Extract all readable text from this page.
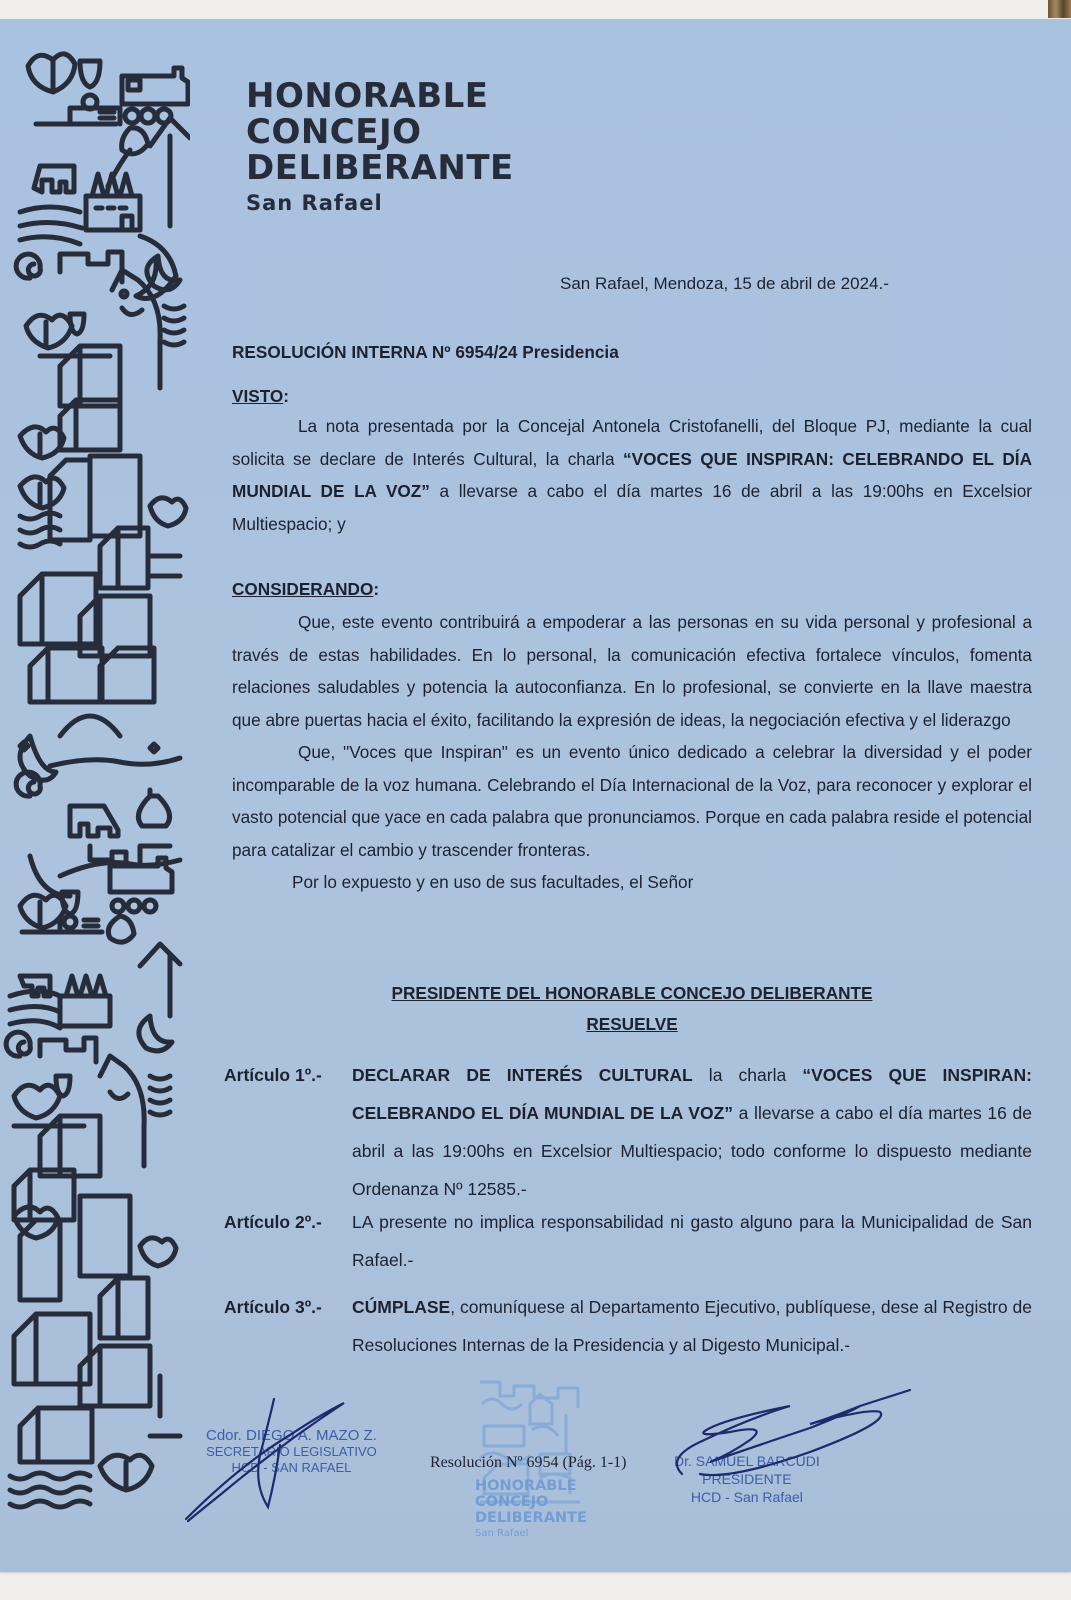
HONORABLE
CONCEJO
DELIBERANTE
San Rafael
San Rafael, Mendoza, 15 de abril de 2024.-
RESOLUCIÓN INTERNA Nº 6954/24 Presidencia
VISTO:
La nota presentada por la Concejal Antonela Cristofanelli, del Bloque PJ, mediante la cual solicita se declare de Interés Cultural, la charla “VOCES QUE INSPIRAN: CELEBRANDO EL DÍA MUNDIAL DE LA VOZ” a llevarse a cabo el día martes 16 de abril a las 19:00hs en Excelsior Multiespacio; y
CONSIDERANDO:
Que, este evento contribuirá a empoderar a las personas en su vida personal y profesional a través de estas habilidades. En lo personal, la comunicación efectiva fortalece vínculos, fomenta relaciones saludables y potencia la autoconfianza. En lo profesional, se convierte en la llave maestra que abre puertas hacia el éxito, facilitando la expresión de ideas, la negociación efectiva y el liderazgo
Que, "Voces que Inspiran" es un evento único dedicado a celebrar la diversidad y el poder incomparable de la voz humana. Celebrando el Día Internacional de la Voz, para reconocer y explorar el vasto potencial que yace en cada palabra que pronunciamos. Porque en cada palabra reside el potencial para catalizar el cambio y trascender fronteras.
Por lo expuesto y en uso de sus facultades, el Señor
PRESIDENTE DEL HONORABLE CONCEJO DELIBERANTE
RESUELVE
Artículo 1º.-	DECLARAR DE INTERÉS CULTURAL la charla “VOCES QUE INSPIRAN: CELEBRANDO EL DÍA MUNDIAL DE LA VOZ” a llevarse a cabo el día martes 16 de abril a las 19:00hs en Excelsior Multiespacio; todo conforme lo dispuesto mediante Ordenanza Nº 12585.-
Artículo 2º.-	LA presente no implica responsabilidad ni gasto alguno para la Municipalidad de San Rafael.-
Artículo 3º.-	CÚMPLASE, comuníquese al Departamento Ejecutivo, publíquese, dese al Registro de Resoluciones Internas de la Presidencia y al Digesto Municipal.-
HONORABLE
CONCEJO
DELIBERANTE
San Rafael
Cdor. DIEGO A. MAZO Z.
SECRETARIO LEGISLATIVO
HCD - SAN RAFAEL	Resolución Nº 6954 (Pág. 1-1)	Dr. SAMUEL BARCUDI
PRESIDENTE
HCD - San Rafael
